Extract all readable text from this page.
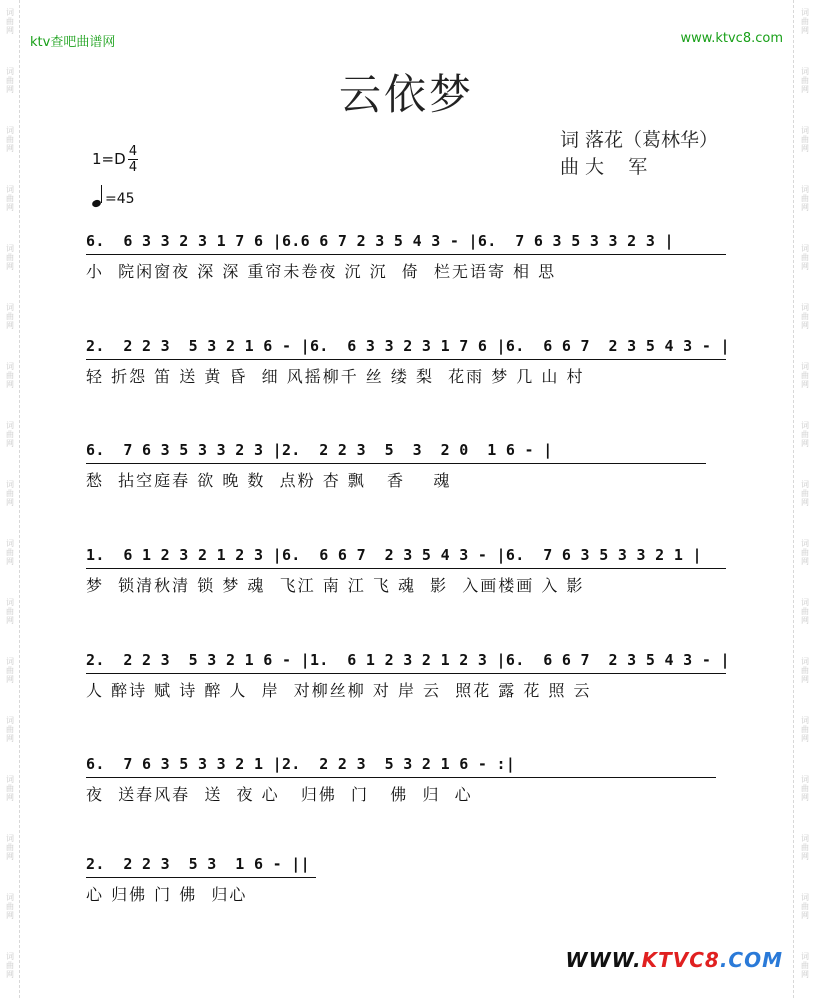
词
曲
网
词
曲
网
词
曲
网
词
曲
网
词
曲
网
词
曲
网
词
曲
网
词
曲
网
词
曲
网
词
曲
网
词
曲
网
词
曲
网
词
曲
网
词
曲
网
词
曲
网
词
曲
网
词
曲
网
词
曲
网
词
曲
网
词
曲
网
词
曲
网
词
曲
网
词
曲
网
词
曲
网
词
曲
网
词
曲
网
词
曲
网
词
曲
网
词
曲
网
词
曲
网
词
曲
网
词
曲
网
词
曲
网
词
曲
网
ktv查吧曲谱网	www.ktvc8.com
云依梦
词 落花（葛林华）
曲 大    军
1=D 4
4
=45
6.  6 3 3 2 3 1 7 6 |6.6 6 7 2 3 5 4 3 - |6.  7 6 3 5 3 3 2 3 |
小  院闲窗夜 深 深 重帘未卷夜 沉 沉  倚  栏无语寄 相 思
2.  2 2 3  5 3 2 1 6 - |6.  6 3 3 2 3 1 7 6 |6.  6 6 7  2 3 5 4 3 - |
轻 折怨 笛 送 黄 昏  细 风摇柳千 丝 缕 梨  花雨 梦 几 山 村
6.  7 6 3 5 3 3 2 3 |2.  2 2 3  5  3  2 0  1 6 - |
愁  拈空庭春 欲 晚 数  点粉 杏 飘   香    魂
1.  6 1 2 3 2 1 2 3 |6.  6 6 7  2 3 5 4 3 - |6.  7 6 3 5 3 3 2 1 |
梦  锁清秋清 锁 梦 魂  飞江 南 江 飞 魂  影  入画楼画 入 影
2.  2 2 3  5 3 2 1 6 - |1.  6 1 2 3 2 1 2 3 |6.  6 6 7  2 3 5 4 3 - |
人 醉诗 赋 诗 醉 人  岸  对柳丝柳 对 岸 云  照花 露 花 照 云
6.  7 6 3 5 3 3 2 1 |2.  2 2 3  5 3 2 1 6 - :|
夜  送春风春  送  夜 心   归佛  门   佛  归  心
2.  2 2 3  5 3  1 6 - ||
心 归佛 门 佛  归心
WWW.KTVC8.COM
